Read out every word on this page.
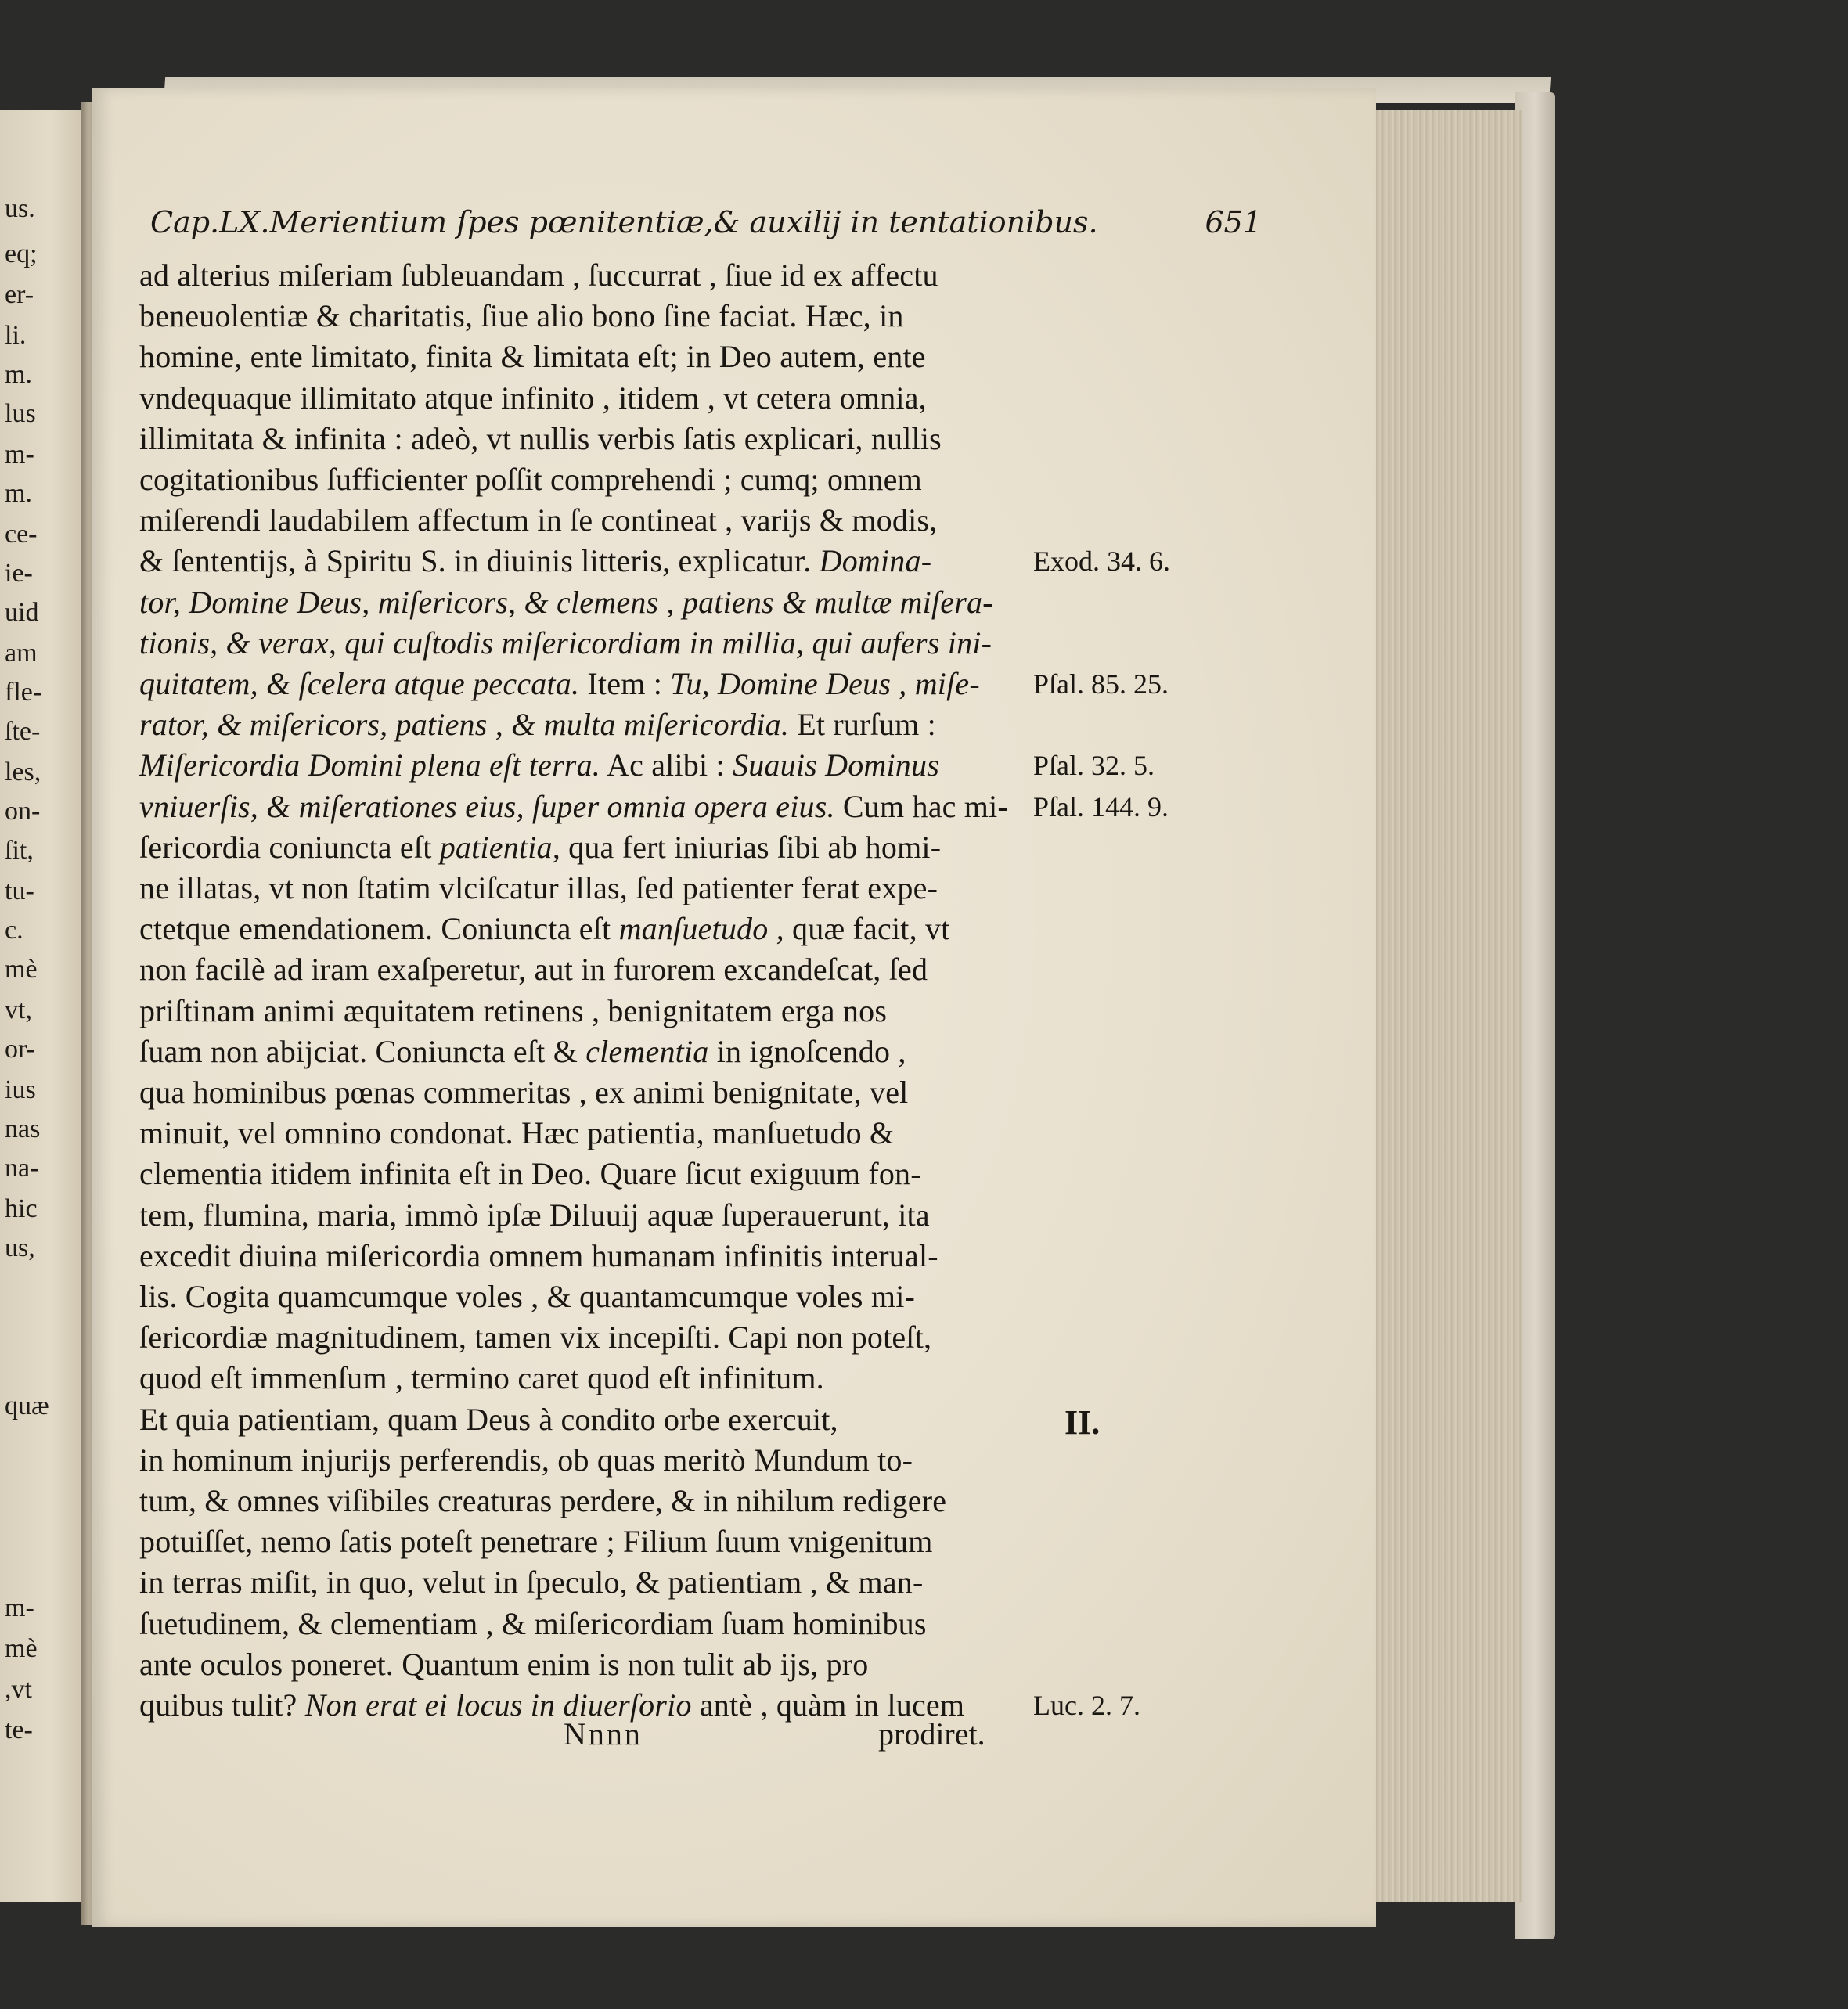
us.
eq;
er-
li.
m.
lus
m-
m.
ce-
ie-
uid
am
fle-
ſte-
les,
on-
ſit,
tu-
c.
mè
vt,
or-
ius
nas
na-
hic
us,
quæ
m-
mè
,vt
te-
Cap.LX.Merientium ſpes pœnitentiæ,& auxilij in tentationibus.	651
ad alterius miſeriam ſubleuandam , ſuccurrat , ſiue id ex affectu
beneuolentiæ & charitatis, ſiue alio bono ſine faciat. Hæc, in
homine, ente limitato, finita & limitata eſt; in Deo autem, ente
vndequaque illimitato atque infinito , itidem , vt cetera omnia,
illimitata & infinita : adeò, vt nullis verbis ſatis explicari, nullis
cogitationibus ſufficienter poſſit comprehendi ; cumq; omnem
miſerendi laudabilem affectum in ſe contineat , varijs & modis,
& ſententijs, à Spiritu S. in diuinis litteris, explicatur. Domina-	Exod. 34. 6.
tor, Domine Deus, miſericors, & clemens , patiens & multæ miſera-
tionis, & verax, qui cuſtodis miſericordiam in millia, qui aufers ini-
quitatem, & ſcelera atque peccata. Item : Tu, Domine Deus , miſe-	Pſal. 85. 25.
rator, & miſericors, patiens , & multa miſericordia. Et rurſum :
Miſericordia Domini plena eſt terra. Ac alibi : Suauis Dominus	Pſal. 32. 5.
vniuerſis, & miſerationes eius, ſuper omnia opera eius. Cum hac mi- Pſal. 144. 9.
ſericordia coniuncta eſt patientia, qua fert iniurias ſibi ab homi-
ne illatas, vt non ſtatim vlciſcatur illas, ſed patienter ferat expe-
ctetque emendationem. Coniuncta eſt manſuetudo , quæ facit, vt
non facilè ad iram exaſperetur, aut in furorem excandeſcat, ſed
priſtinam animi æquitatem retinens , benignitatem erga nos
ſuam non abijciat. Coniuncta eſt & clementia in ignoſcendo ,
qua hominibus pœnas commeritas , ex animi benignitate, vel
minuit, vel omnino condonat. Hæc patientia, manſuetudo &
clementia itidem infinita eſt in Deo. Quare ſicut exiguum fon-
tem, flumina, maria, immò ipſæ Diluuij aquæ ſuperauerunt, ita
excedit diuina miſericordia omnem humanam infinitis interual-
lis. Cogita quamcumque voles , & quantamcumque voles mi-
ſericordiæ magnitudinem, tamen vix incepiſti. Capi non poteſt,
quod eſt immenſum , termino caret quod eſt infinitum.
Et quia patientiam, quam Deus à condito orbe exercuit,
in hominum injurijs perferendis, ob quas meritò Mundum to-
tum, & omnes viſibiles creaturas perdere, & in nihilum redigere
potuiſſet, nemo ſatis poteſt penetrare ; Filium ſuum vnigenitum
in terras miſit, in quo, velut in ſpeculo, & patientiam , & man-
ſuetudinem, & clementiam , & miſericordiam ſuam hominibus
ante oculos poneret. Quantum enim is non tulit ab ijs, pro
quibus tulit? Non erat ei locus in diuerſorio antè , quàm in lucem	Luc. 2. 7.
II.
Nnnn	prodiret.
